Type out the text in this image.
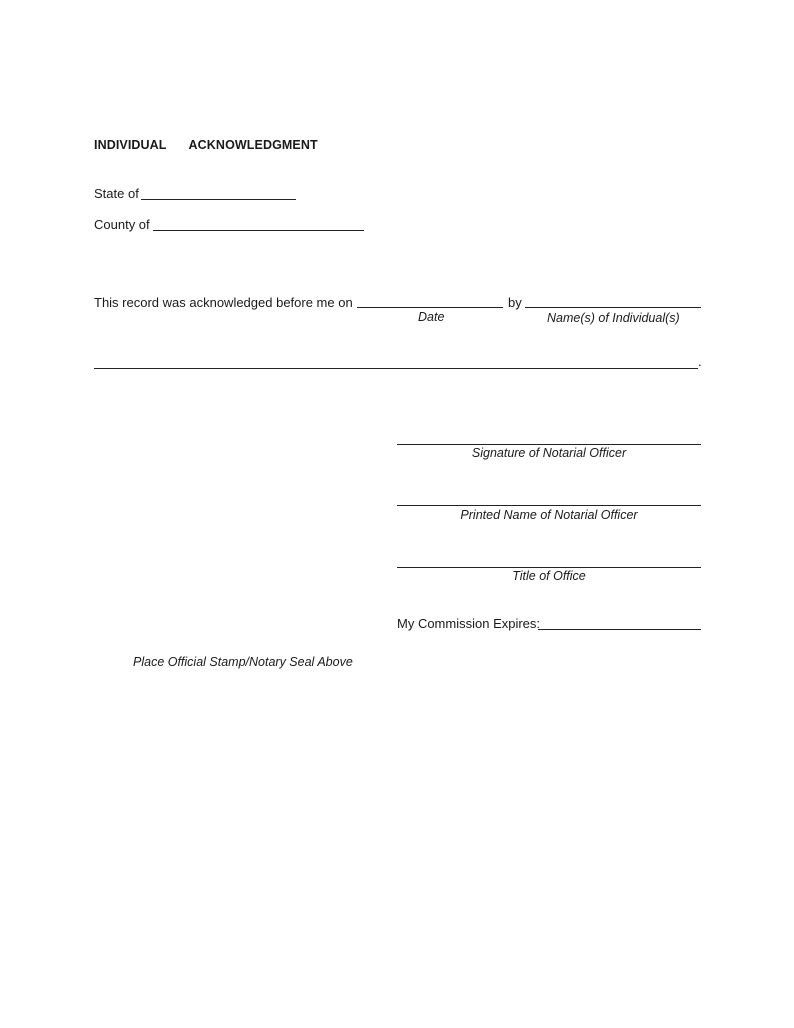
INDIVIDUAL   ACKNOWLEDGMENT
State of
County of
This record was acknowledged before me on	by
Date	Name(s) of Individual(s)
.
Signature of Notarial Officer
Printed Name of Notarial Officer
Title of Office
My Commission Expires:
Place Official Stamp/Notary Seal Above
